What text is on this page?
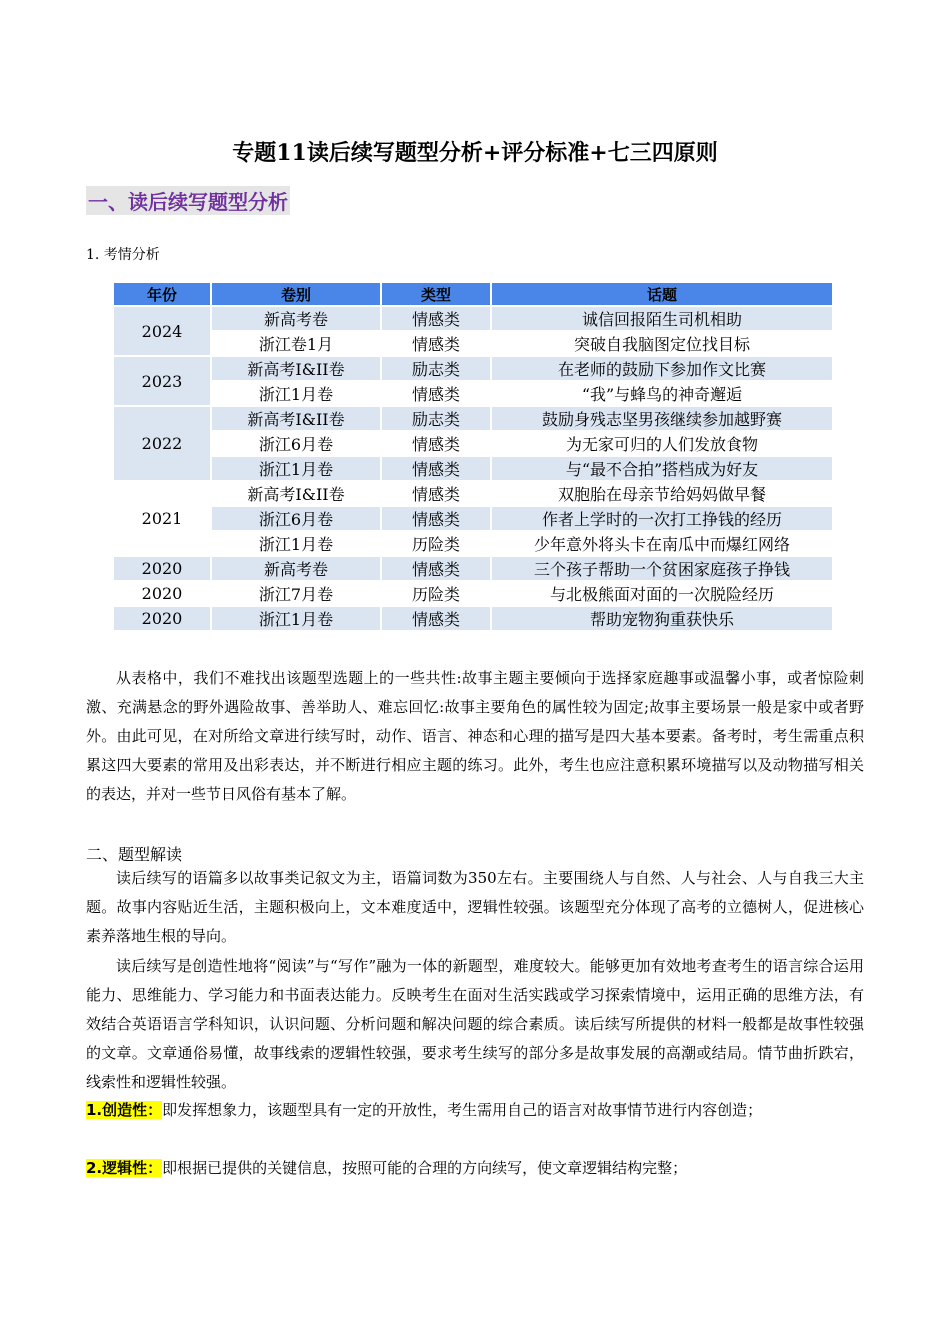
专题11读后续写题型分析+评分标准+七三四原则
一、读后续写题型分析
1. 考情分析
年份	卷别	类型	话题
2024	新高考卷	情感类	诚信回报陌生司机相助
	浙江卷1月	情感类	突破自我脑图定位找目标
2023	新高考I&II卷	励志类	在老师的鼓励下参加作文比赛
	浙江1月卷	情感类	“我”与蜂鸟的神奇邂逅
2022	新高考I&II卷	励志类	鼓励身残志坚男孩继续参加越野赛
	浙江6月卷	情感类	为无家可归的人们发放食物
	浙江1月卷	情感类	与“最不合拍”搭档成为好友
2021	新高考I&II卷	情感类	双胞胎在母亲节给妈妈做早餐
	浙江6月卷	情感类	作者上学时的一次打工挣钱的经历
	浙江1月卷	历险类	少年意外将头卡在南瓜中而爆红网络
2020	新高考卷	情感类	三个孩子帮助一个贫困家庭孩子挣钱
2020	浙江7月卷	历险类	与北极熊面对面的一次脱险经历
2020	浙江1月卷	情感类	帮助宠物狗重获快乐

从表格中，我们不难找出该题型选题上的一些共性:故事主题主要倾向于选择家庭趣事或温馨小事，或者惊险刺激、充满悬念的野外遇险故事、善举助人、难忘回忆:故事主要角色的属性较为固定;故事主要场景一般是家中或者野外。由此可见，在对所给文章进行续写时，动作、语言、神态和心理的描写是四大基本要素。备考时，考生需重点积累这四大要素的常用及出彩表达，并不断进行相应主题的练习。此外，考生也应注意积累环境描写以及动物描写相关的表达，并对一些节日风俗有基本了解。

二、题型解读

读后续写的语篇多以故事类记叙文为主，语篇词数为350左右。主要围绕人与自然、人与社会、人与自我三大主题。故事内容贴近生活，主题积极向上，文本难度适中，逻辑性较强。该题型充分体现了高考的立德树人，促进核心素养落地生根的导向。

读后续写是创造性地将“阅读”与“写作”融为一体的新题型，难度较大。能够更加有效地考查考生的语言综合运用能力、思维能力、学习能力和书面表达能力。反映考生在面对生活实践或学习探索情境中，运用正确的思维方法，有效结合英语语言学科知识，认识问题、分析问题和解决问题的综合素质。读后续写所提供的材料一般都是故事性较强的文章。文章通俗易懂，故事线索的逻辑性较强，要求考生续写的部分多是故事发展的高潮或结局。情节曲折跌宕，线索性和逻辑性较强。

1.创造性：即发挥想象力，该题型具有一定的开放性，考生需用自己的语言对故事情节进行内容创造；

2.逻辑性：即根据已提供的关键信息，按照可能的合理的方向续写，使文章逻辑结构完整；
